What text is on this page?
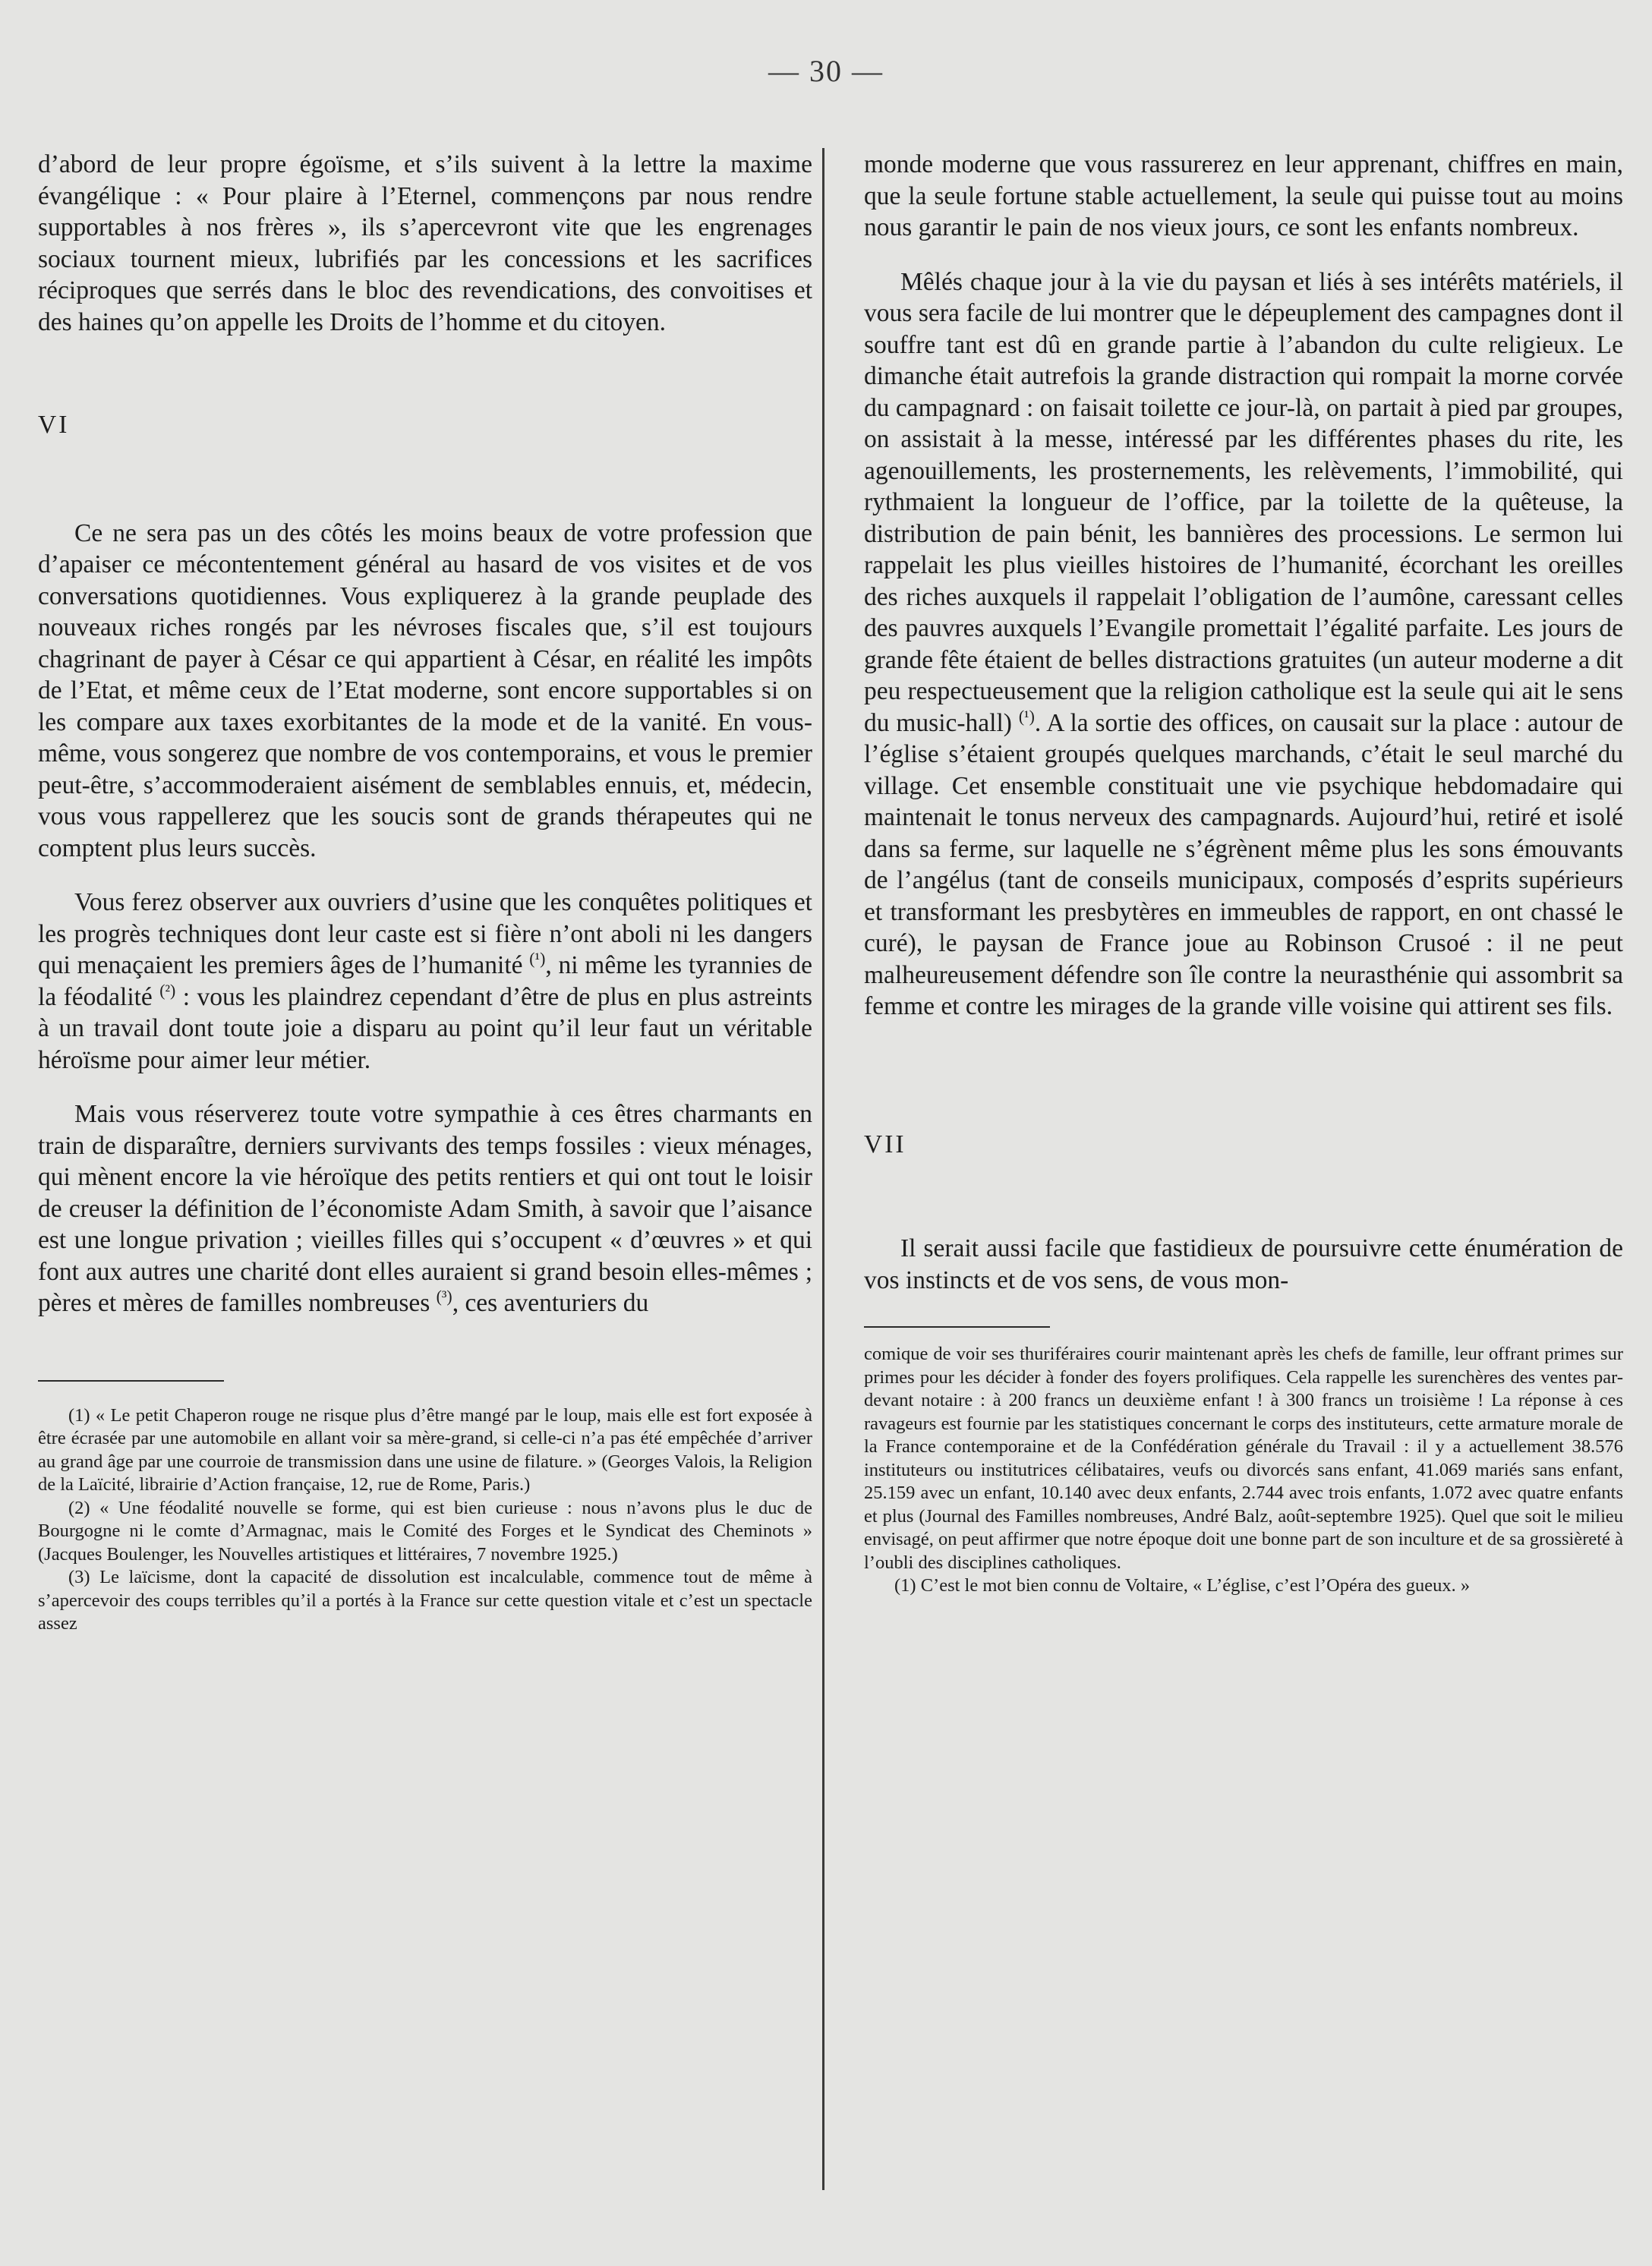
— 30 —

d’abord de leur propre égoïsme, et s’ils suivent à la lettre la maxime évangélique : « Pour plaire à l’Eternel, commençons par nous rendre supportables à nos frères », ils s’apercevront vite que les engrenages sociaux tournent mieux, lubrifiés par les concessions et les sacrifices réciproques que serrés dans le bloc des revendications, des convoitises et des haines qu’on appelle les Droits de l’homme et du citoyen.

VI

Ce ne sera pas un des côtés les moins beaux de votre profession que d’apaiser ce mécontentement général au hasard de vos visites et de vos conversations quotidiennes. Vous expliquerez à la grande peuplade des nouveaux riches rongés par les névroses fiscales que, s’il est toujours chagrinant de payer à César ce qui appartient à César, en réalité les impôts de l’Etat, et même ceux de l’Etat moderne, sont encore supportables si on les compare aux taxes exorbitantes de la mode et de la vanité. En vous-même, vous songerez que nombre de vos contemporains, et vous le premier peut-être, s’accommoderaient aisément de semblables ennuis, et, médecin, vous vous rappellerez que les soucis sont de grands thérapeutes qui ne comptent plus leurs succès.

Vous ferez observer aux ouvriers d’usine que les conquêtes politiques et les progrès techniques dont leur caste est si fière n’ont aboli ni les dangers qui menaçaient les premiers âges de l’humanité $^{(^1)}$, ni même les tyrannies de la féodalité $^{(^2)}$ : vous les plaindrez cependant d’être de plus en plus astreints à un travail dont toute joie a disparu au point qu’il leur faut un véritable héroïsme pour aimer leur métier.

Mais vous réserverez toute votre sympathie à ces êtres charmants en train de disparaître, derniers survivants des temps fossiles : vieux ménages, qui mènent encore la vie héroïque des petits rentiers et qui ont tout le loisir de creuser la définition de l’économiste Adam Smith, à savoir que l’aisance est une longue privation ; vieilles filles qui s’occupent « d’œuvres » et qui font aux autres une charité dont elles auraient si grand besoin elles-mêmes ; pères et mères de familles nombreuses $^{(^3)}$, ces aventuriers du

(1) « Le petit Chaperon rouge ne risque plus d’être mangé par le loup, mais elle est fort exposée à être écrasée par une automobile en allant voir sa mère-grand, si celle-ci n’a pas été empêchée d’arriver au grand âge par une courroie de transmission dans une usine de filature. » (Georges Valois, la Religion de la Laïcité, librairie d’Action française, 12, rue de Rome, Paris.)

(2) « Une féodalité nouvelle se forme, qui est bien curieuse : nous n’avons plus le duc de Bourgogne ni le comte d’Armagnac, mais le Comité des Forges et le Syndicat des Cheminots » (Jacques Boulenger, les Nouvelles artistiques et littéraires, 7 novembre 1925.)

(3) Le laïcisme, dont la capacité de dissolution est incalculable, commence tout de même à s’apercevoir des coups terribles qu’il a portés à la France sur cette question vitale et c’est un spectacle assez

monde moderne que vous rassurerez en leur apprenant, chiffres en main, que la seule fortune stable actuellement, la seule qui puisse tout au moins nous garantir le pain de nos vieux jours, ce sont les enfants nombreux.

Mêlés chaque jour à la vie du paysan et liés à ses intérêts matériels, il vous sera facile de lui montrer que le dépeuplement des campagnes dont il souffre tant est dû en grande partie à l’abandon du culte religieux. Le dimanche était autrefois la grande distraction qui rompait la morne corvée du campagnard : on faisait toilette ce jour-là, on partait à pied par groupes, on assistait à la messe, intéressé par les différentes phases du rite, les agenouillements, les prosternements, les relèvements, l’immobilité, qui rythmaient la longueur de l’office, par la toilette de la quêteuse, la distribution de pain bénit, les bannières des processions. Le sermon lui rappelait les plus vieilles histoires de l’humanité, écorchant les oreilles des riches auxquels il rappelait l’obligation de l’aumône, caressant celles des pauvres auxquels l’Evangile promettait l’égalité parfaite. Les jours de grande fête étaient de belles distractions gratuites (un auteur moderne a dit peu respectueusement que la religion catholique est la seule qui ait le sens du music-hall) $^{(^1)}$. A la sortie des offices, on causait sur la place : autour de l’église s’étaient groupés quelques marchands, c’était le seul marché du village. Cet ensemble constituait une vie psychique hebdomadaire qui maintenait le tonus nerveux des campagnards. Aujourd’hui, retiré et isolé dans sa ferme, sur laquelle ne s’égrènent même plus les sons émouvants de l’angélus (tant de conseils municipaux, composés d’esprits supérieurs et transformant les presbytères en immeubles de rapport, en ont chassé le curé), le paysan de France joue au Robinson Crusoé : il ne peut malheureusement défendre son île contre la neurasthénie qui assombrit sa femme et contre les mirages de la grande ville voisine qui attirent ses fils.

VII

Il serait aussi facile que fastidieux de poursuivre cette énumération de vos instincts et de vos sens, de vous mon-

comique de voir ses thuriféraires courir maintenant après les chefs de famille, leur offrant primes sur primes pour les décider à fonder des foyers prolifiques. Cela rappelle les surenchères des ventes par-devant notaire : à 200 francs un deuxième enfant ! à 300 francs un troisième ! La réponse à ces ravageurs est fournie par les statistiques concernant le corps des instituteurs, cette armature morale de la France contemporaine et de la Confédération générale du Travail : il y a actuellement 38.576 instituteurs ou institutrices célibataires, veufs ou divorcés sans enfant, 41.069 mariés sans enfant, 25.159 avec un enfant, 10.140 avec deux enfants, 2.744 avec trois enfants, 1.072 avec quatre enfants et plus (Journal des Familles nombreuses, André Balz, août-septembre 1925). Quel que soit le milieu envisagé, on peut affirmer que notre époque doit une bonne part de son inculture et de sa grossièreté à l’oubli des disciplines catholiques.

(1) C’est le mot bien connu de Voltaire, « L’église, c’est l’Opéra des gueux. »
